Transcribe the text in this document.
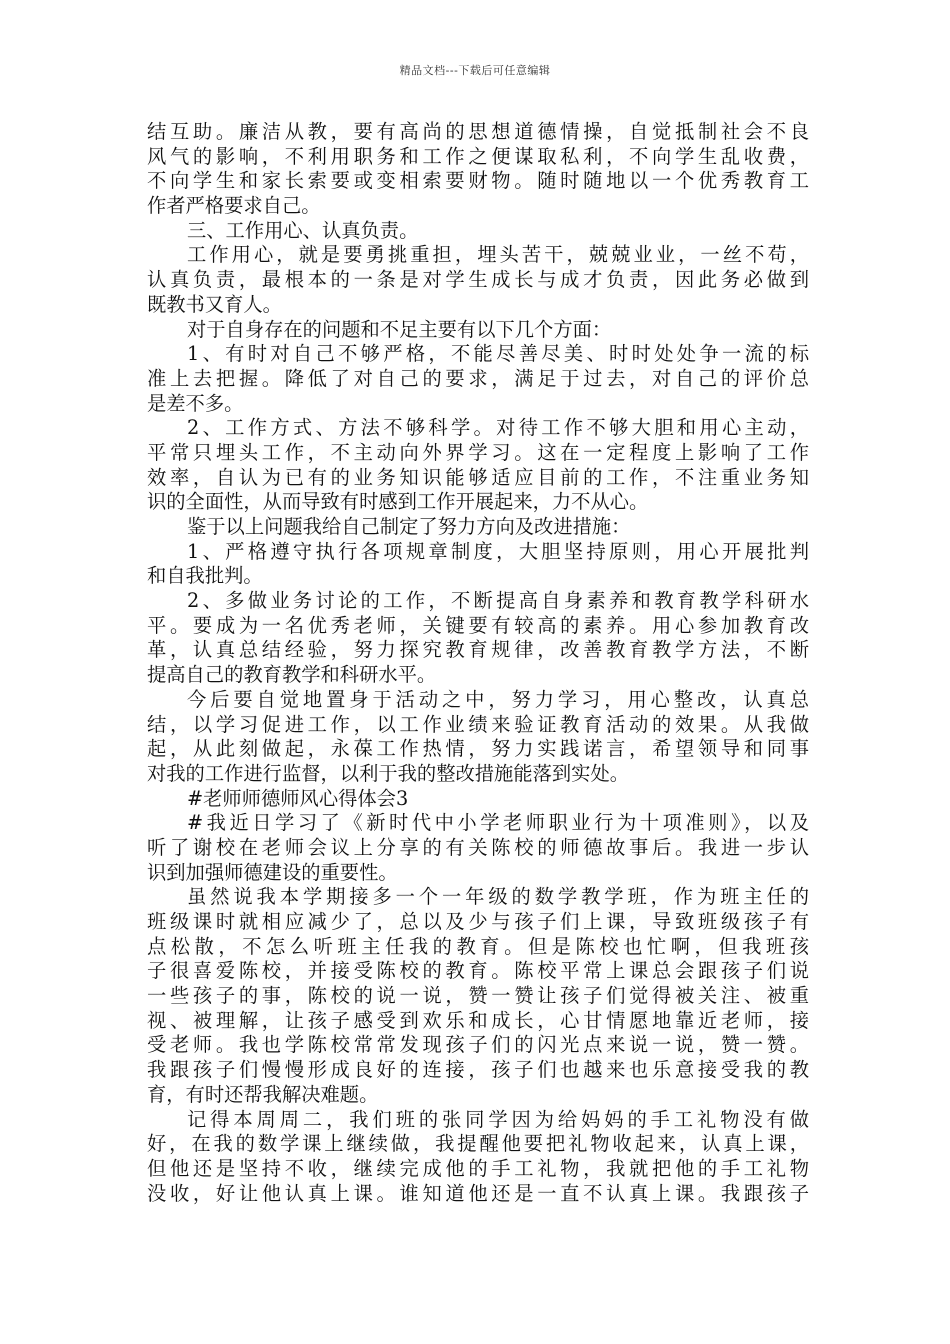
精品文档---下载后可任意编辑
结互助。廉洁从教，要有高尚的思想道德情操，自觉抵制社会不良
风气的影响，不利用职务和工作之便谋取私利，不向学生乱收费，
不向学生和家长索要或变相索要财物。随时随地以一个优秀教育工
作者严格要求自己。
三、工作用心、认真负责。
工作用心，就是要勇挑重担，埋头苦干，兢兢业业，一丝不苟，
认真负责，最根本的一条是对学生成长与成才负责，因此务必做到
既教书又育人。
对于自身存在的问题和不足主要有以下几个方面：
1、有时对自己不够严格，不能尽善尽美、时时处处争一流的标
准上去把握。降低了对自己的要求，满足于过去，对自己的评价总
是差不多。
2、工作方式、方法不够科学。对待工作不够大胆和用心主动，
平常只埋头工作，不主动向外界学习。这在一定程度上影响了工作
效率，自认为已有的业务知识能够适应目前的工作，不注重业务知
识的全面性，从而导致有时感到工作开展起来，力不从心。
鉴于以上问题我给自己制定了努力方向及改进措施：
1、严格遵守执行各项规章制度，大胆坚持原则，用心开展批判
和自我批判。
2、多做业务讨论的工作，不断提高自身素养和教育教学科研水
平。要成为一名优秀老师，关键要有较高的素养。用心参加教育改
革，认真总结经验，努力探究教育规律，改善教育教学方法，不断
提高自己的教育教学和科研水平。
今后要自觉地置身于活动之中，努力学习，用心整改，认真总
结，以学习促进工作，以工作业绩来验证教育活动的效果。从我做
起，从此刻做起，永葆工作热情，努力实践诺言，希望领导和同事
对我的工作进行监督，以利于我的整改措施能落到实处。
#老师师德师风心得体会3
#我近日学习了《新时代中小学老师职业行为十项准则》，以及
听了谢校在老师会议上分享的有关陈校的师德故事后。我进一步认
识到加强师德建设的重要性。
虽然说我本学期接多一个一年级的数学教学班，作为班主任的
班级课时就相应减少了，总以及少与孩子们上课，导致班级孩子有
点松散，不怎么听班主任我的教育。但是陈校也忙啊，但我班孩
子很喜爱陈校，并接受陈校的教育。陈校平常上课总会跟孩子们说
一些孩子的事，陈校的说一说，赞一赞让孩子们觉得被关注、被重
视、被理解，让孩子感受到欢乐和成长，心甘情愿地靠近老师，接
受老师。我也学陈校常常发现孩子们的闪光点来说一说，赞一赞。
我跟孩子们慢慢形成良好的连接，孩子们也越来也乐意接受我的教
育，有时还帮我解决难题。
记得本周周二，我们班的张同学因为给妈妈的手工礼物没有做
好，在我的数学课上继续做，我提醒他要把礼物收起来，认真上课，
但他还是坚持不收，继续完成他的手工礼物，我就把他的手工礼物
没收，好让他认真上课。谁知道他还是一直不认真上课。我跟孩子
